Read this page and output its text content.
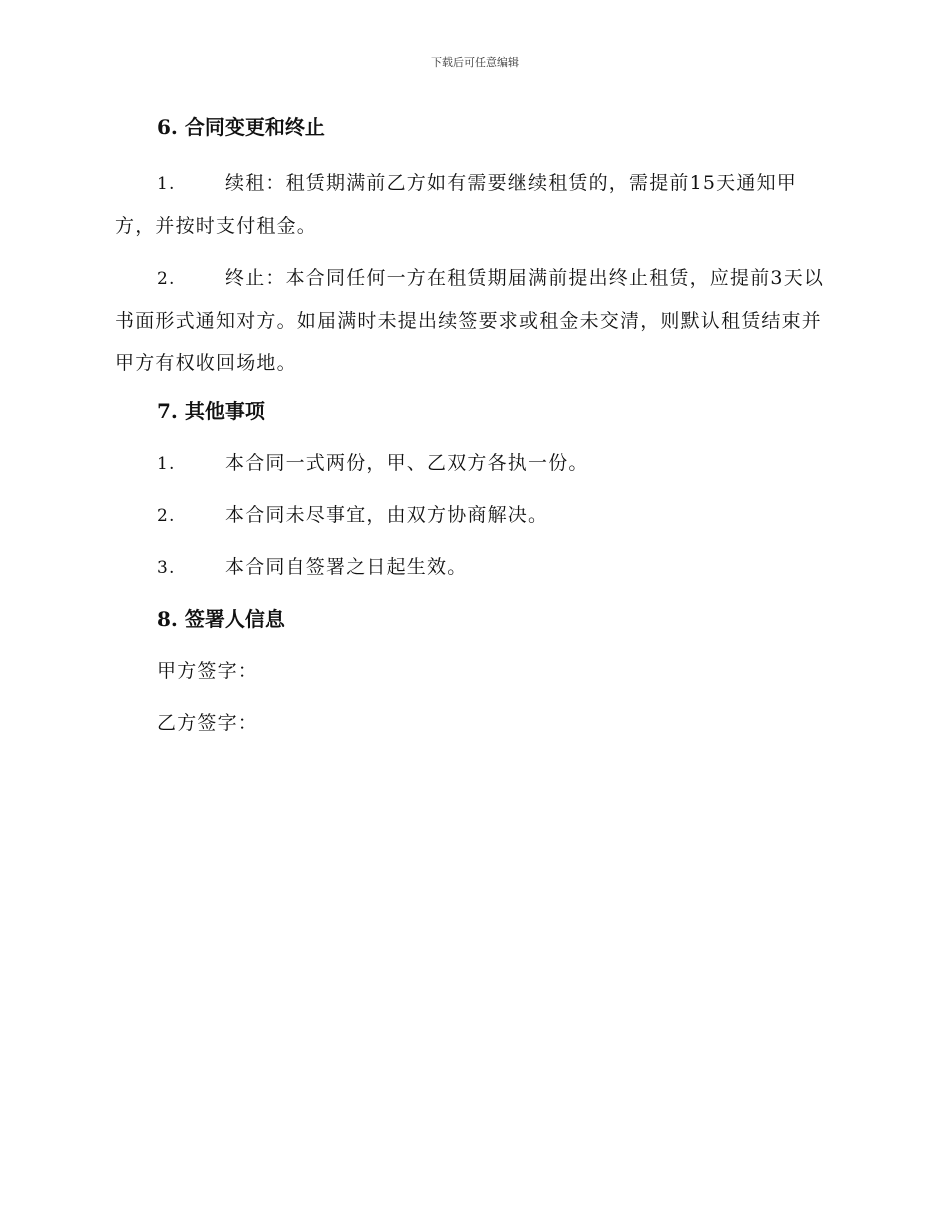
下载后可任意编辑
6. 合同变更和终止
1.	续租：租赁期满前乙方如有需要继续租赁的，需提前15天通知甲方，并按时支付租金。
2.	终止：本合同任何一方在租赁期届满前提出终止租赁，应提前3天以书面形式通知对方。如届满时未提出续签要求或租金未交清，则默认租赁结束并甲方有权收回场地。
7. 其他事项
1.	本合同一式两份，甲、乙双方各执一份。
2.	本合同未尽事宜，由双方协商解决。
3.	本合同自签署之日起生效。
8. 签署人信息
甲方签字：
乙方签字：
